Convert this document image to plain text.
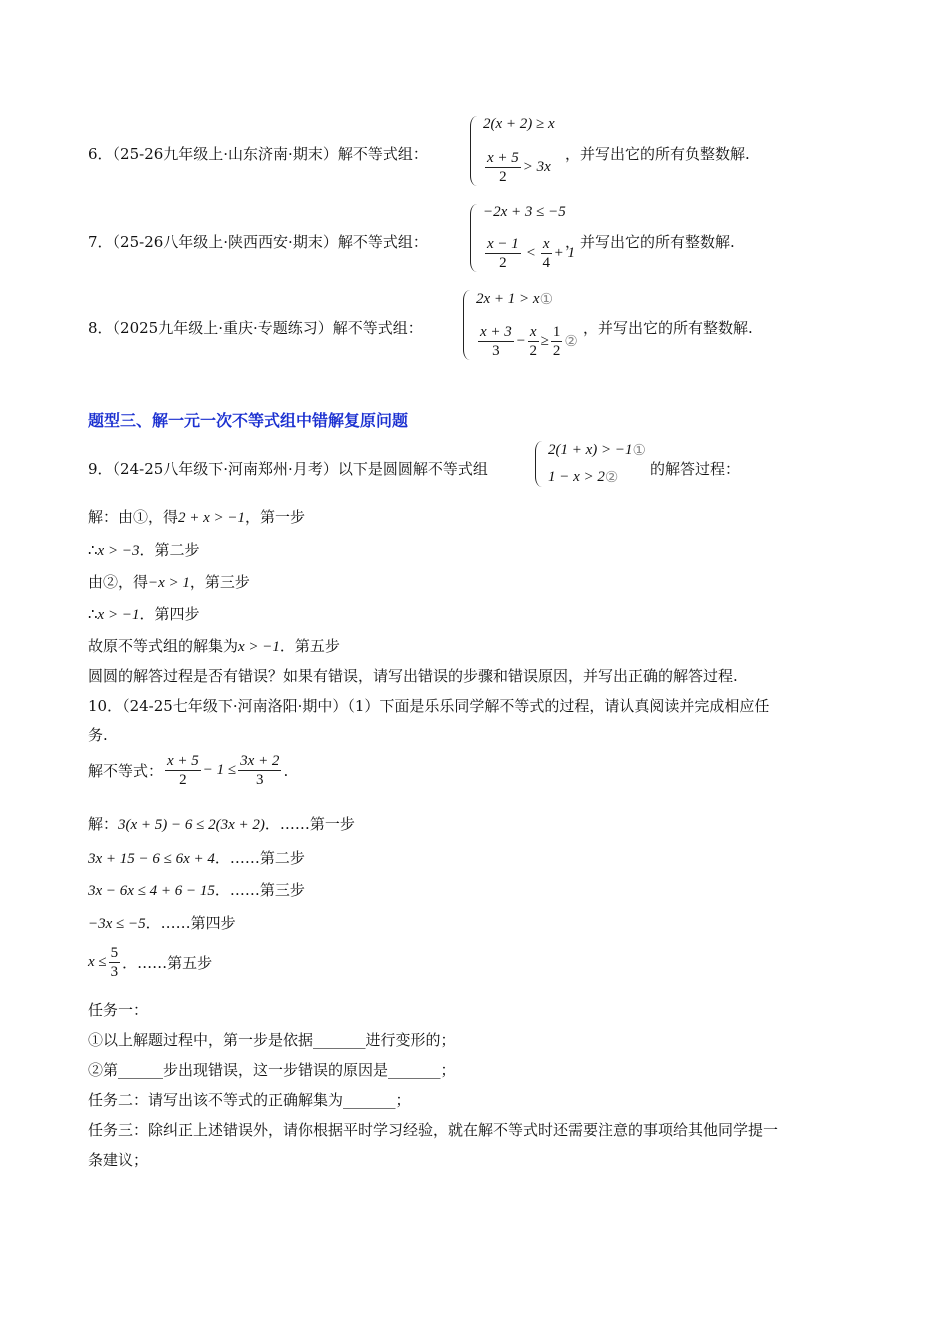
6．（25-26九年级上·山东济南·期末）解不等式组：
2(x + 2) ≥ x
$\frac{x + 5}{2} > 3x$
，并写出它的所有负整数解.
7．（25-26八年级上·陕西西安·期末）解不等式组：
−2x + 3 ≤ −5
$\frac{x - 1}{2} < \frac{x}{4} + 1$
，并写出它的所有整数解.
8．（2025九年级上·重庆·专题练习）解不等式组：
2x + 1 > x ①
$\frac{x + 3}{3} - \frac{x}{2} \ge \frac{1}{2}$ ②
，并写出它的所有整数解.
题型三、解一元一次不等式组中错解复原问题
9．（24-25八年级下·河南郑州·月考）以下是圆圆解不等式组
2(1 + x) > −1 ①
1 − x > 2 ② 的解答过程：
解：由①，得2 + x > −1，第一步
∴x > −3．第二步
由②，得−x > 1，第三步
∴x > −1．第四步
故原不等式组的解集为x > −1．第五步
圆圆的解答过程是否有错误？如果有错误，请写出错误的步骤和错误原因，并写出正确的解答过程.
10．（24-25七年级下·河南洛阳·期中）（1）下面是乐乐同学解不等式的过程，请认真阅读并完成相应任
务.
解不等式： $\frac{x + 5}{2} - 1 \le \frac{3x + 2}{3}$ .
解：3(x + 5) − 6 ≤ 2(3x + 2)．……第一步
3x + 15 − 6 ≤ 6x + 4．……第二步
3x − 6x ≤ 4 + 6 − 15．……第三步
−3x ≤ −5．……第四步
$x \le \frac{5}{3}$ ．……第五步
任务一：
①以上解题过程中，第一步是依据_______进行变形的；
②第______步出现错误，这一步错误的原因是_______；
任务二：请写出该不等式的正确解集为_______；
任务三：除纠正上述错误外，请你根据平时学习经验，就在解不等式时还需要注意的事项给其他同学提一
条建议；
